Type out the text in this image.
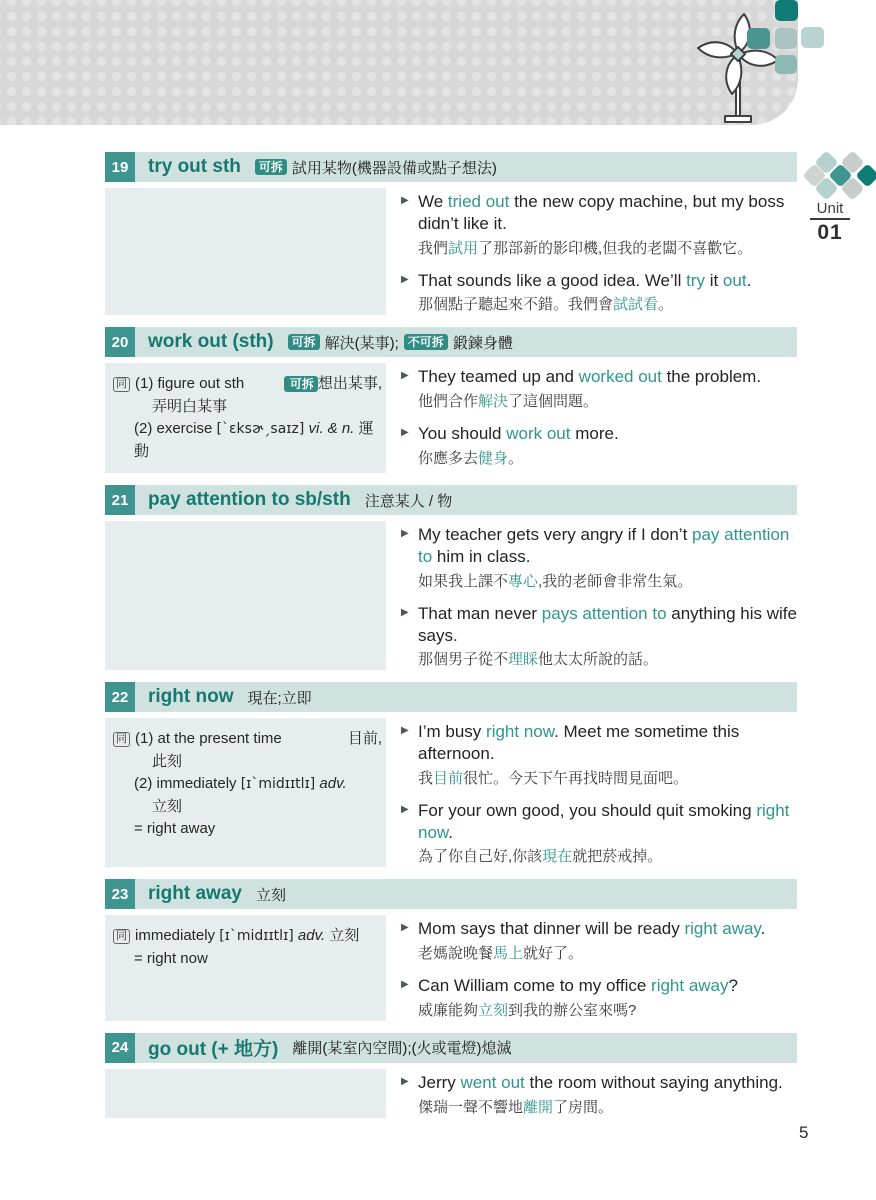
Unit
01
19	try out sth	可拆 試用某物(機器設備或點子想法)
▶ We tried out the new copy machine, but my boss didn’t like it.
我們試用了那部新的影印機,但我的老闆不喜歡它。
▶ That sounds like a good idea. We’ll try it out.
那個點子聽起來不錯。我們會試試看。
20	work out (sth)	可拆 解決(某事); 不可拆 鍛鍊身體
同 (1) figure out sth	可拆 想出某事,
弄明白某事
(2) exercise [ˋɛksɚˏsaɪz] vi. & n. 運動
▶ They teamed up and worked out the problem.
他們合作解決了這個問題。
▶ You should work out more.
你應多去健身。
21	pay attention to sb/sth 注意某人 / 物
▶ My teacher gets very angry if I don’t pay attention to him in class.
如果我上課不專心,我的老師會非常生氣。
▶ That man never pays attention to anything his wife says.
那個男子從不理睬他太太所說的話。
22	right now 現在;立即
同 (1) at the present time	目前,
此刻
(2) immediately [ɪˋmidɪɪtlɪ] adv.
立刻
= right away
▶ I’m busy right now. Meet me sometime this afternoon.
我目前很忙。今天下午再找時間見面吧。
▶ For your own good, you should quit smoking right now.
為了你自己好,你該現在就把菸戒掉。
23	right away 立刻
同 immediately [ɪˋmidɪɪtlɪ] adv. 立刻
= right now
▶ Mom says that dinner will be ready right away.
老媽說晚餐馬上就好了。
▶ Can William come to my office right away?
威廉能夠立刻到我的辦公室來嗎?
24	go out (+ 地方) 離開(某室內空間);(火或電燈)熄滅
▶ Jerry went out the room without saying anything.
傑瑞一聲不響地離開了房間。
5
